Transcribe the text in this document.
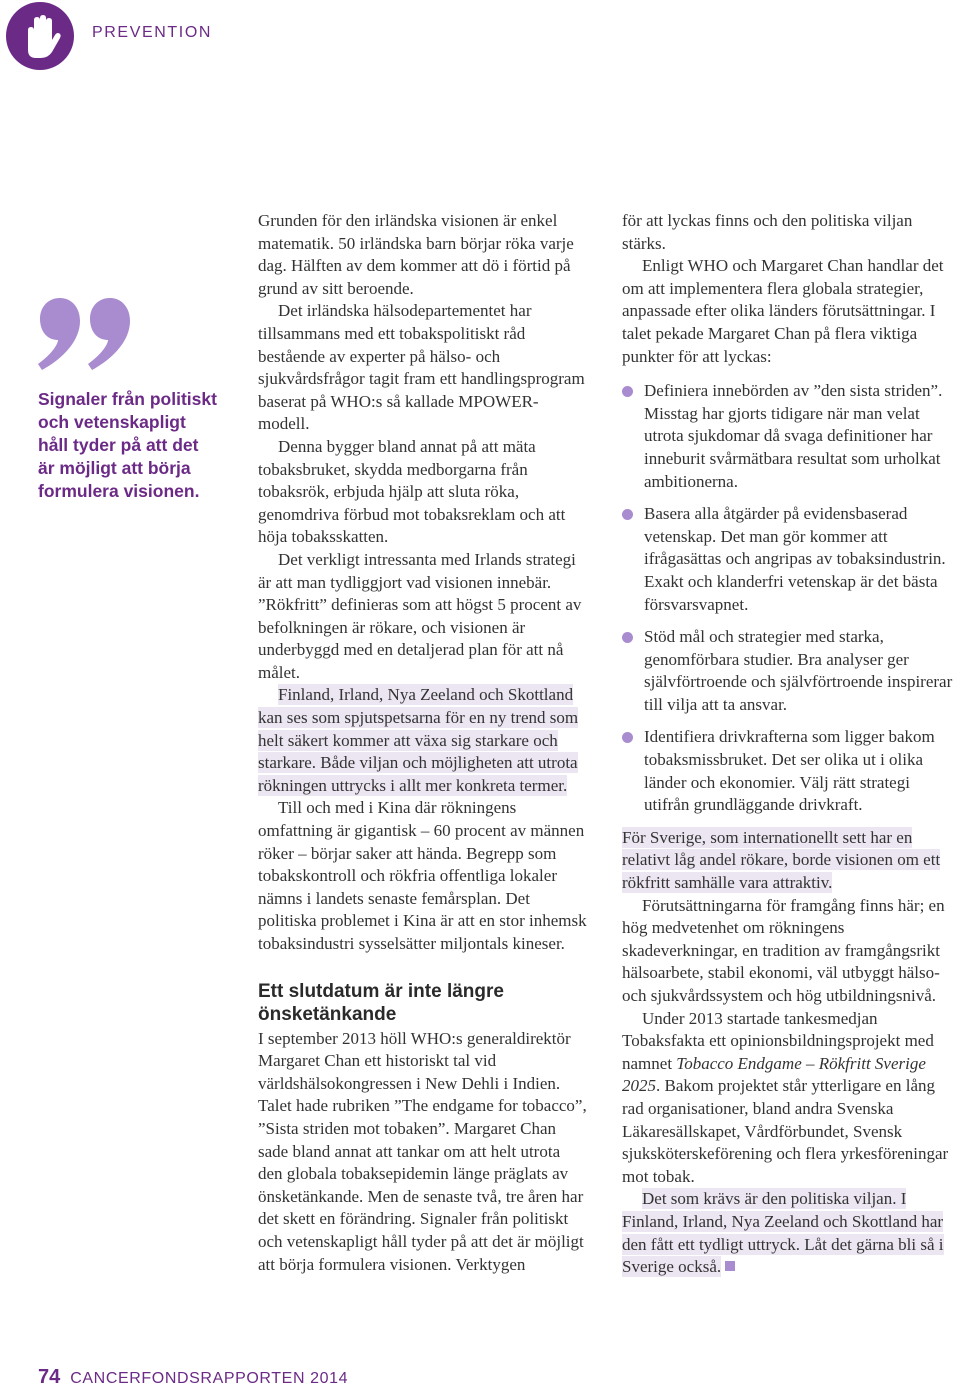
PREVENTION
Signaler från politiskt och vetenskapligt håll tyder på att det är möjligt att börja formulera visionen.

Grunden för den irländska visionen är enkel matematik. 50 irländska barn börjar röka varje dag. Hälften av dem kommer att dö i förtid på grund av sitt beroende.

Det irländska hälsodepartementet har tillsammans med ett tobakspolitiskt råd bestående av experter på hälso- och sjukvårdsfrågor tagit fram ett handlingsprogram baserat på WHO:s så kallade MPOWER-modell.

Denna bygger bland annat på att mäta tobaksbruket, skydda medborgarna från tobaksrök, erbjuda hjälp att sluta röka, genomdriva förbud mot tobaksreklam och att höja tobaksskatten.

Det verkligt intressanta med Irlands strategi är att man tydliggjort vad visionen innebär. ”Rökfritt” definieras som att högst 5 procent av befolkningen är rökare, och visionen är underbyggd med en detaljerad plan för att nå målet.

Finland, Irland, Nya Zeeland och Skottland kan ses som spjutspetsarna för en ny trend som helt säkert kommer att växa sig starkare och starkare. Både viljan och möjligheten att utrota rökningen uttrycks i allt mer konkreta termer.

Till och med i Kina där rökningens omfattning är gigantisk – 60 procent av männen röker – börjar saker att hända. Begrepp som tobakskontroll och rökfria offentliga lokaler nämns i landets senaste femårsplan. Det politiska problemet i Kina är att en stor inhemsk tobaksindustri sysselsätter miljontals kineser.

Ett slutdatum är inte längre önsketänkande

I september 2013 höll WHO:s generaldirektör Margaret Chan ett historiskt tal vid världshälsokongressen i New Dehli i Indien. Talet hade rubriken ”The endgame for tobacco”, ”Sista striden mot tobaken”. Margaret Chan sade bland annat att tankar om att helt utrota den globala tobaksepidemin länge präglats av önsketänkande. Men de senaste två, tre åren har det skett en förändring. Signaler från politiskt och vetenskapligt håll tyder på att det är möjligt att börja formulera visionen. Verktygen

för att lyckas finns och den politiska viljan stärks.

Enligt WHO och Margaret Chan handlar det om att implementera flera globala strategier, anpassade efter olika länders förutsättningar. I talet pekade Margaret Chan på flera viktiga punkter för att lyckas:

Definiera innebörden av ”den sista striden”. Misstag har gjorts tidigare när man velat utrota sjukdomar då svaga definitioner har inneburit svårmätbara resultat som urholkat ambitionerna.
Basera alla åtgärder på evidensbaserad vetenskap. Det man gör kommer att ifrågasättas och angripas av tobaksindustrin. Exakt och klanderfri vetenskap är det bästa försvarsvapnet.
Stöd mål och strategier med starka, genomförbara studier. Bra analyser ger självförtroende och självförtroende inspirerar till vilja att ta ansvar.
Identifiera drivkrafterna som ligger bakom tobaksmissbruket. Det ser olika ut i olika länder och ekonomier. Välj rätt strategi utifrån grundläggande drivkraft.

För Sverige, som internationellt sett har en relativt låg andel rökare, borde visionen om ett rökfritt samhälle vara attraktiv.

Förutsättningarna för framgång finns här; en hög medvetenhet om rökningens skadeverkningar, en tradition av framgångsrikt hälsoarbete, stabil ekonomi, väl utbyggt hälso- och sjukvårdssystem och hög utbildningsnivå.

Under 2013 startade tankesmedjan Tobaksfakta ett opinionsbildningsprojekt med namnet Tobacco Endgame – Rökfritt Sverige 2025. Bakom projektet står ytterligare en lång rad organisationer, bland andra Svenska Läkaresällskapet, Vårdförbundet, Svensk sjuksköterskeförening och flera yrkesföreningar mot tobak.

Det som krävs är den politiska viljan. I Finland, Irland, Nya Zeeland och Skottland har den fått ett tydligt uttryck. Låt det gärna bli så i Sverige också.

74 CANCERFONDSRAPPORTEN 2014
